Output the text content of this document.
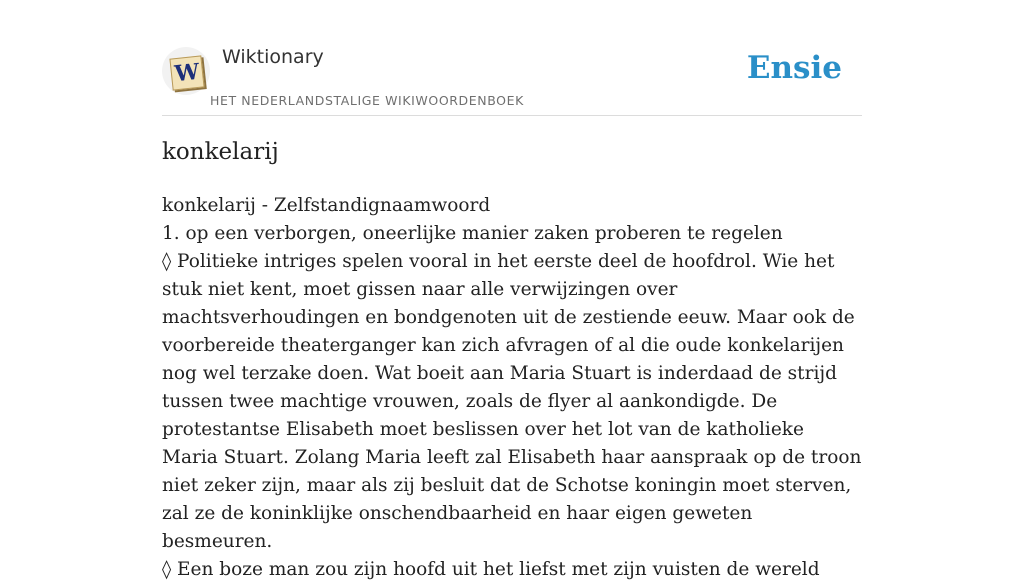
W
Wiktionary
HET NEDERLANDSTALIGE WIKIWOORDENBOEK
Ensie
konkelarij

konkelarij - Zelfstandignaamwoord

1. op een verborgen, oneerlijke manier zaken proberen te regelen

◊ Politieke intriges spelen vooral in het eerste deel de hoofdrol. Wie het stuk niet kent, moet gissen naar alle verwijzingen over machtsverhoudingen en bondgenoten uit de zestiende eeuw. Maar ook de voorbereide theaterganger kan zich afvragen of al die oude konkelarijen nog wel terzake doen. Wat boeit aan Maria Stuart is inderdaad de strijd tussen twee machtige vrouwen, zoals de flyer al aankondigde. De protestantse Elisabeth moet beslissen over het lot van de katholieke Maria Stuart. Zolang Maria leeft zal Elisabeth haar aanspraak op de troon niet zeker zijn, maar als zij besluit dat de Schotse koningin moet sterven, zal ze de koninklijke onschendbaarheid en haar eigen geweten besmeuren.

◊ Een boze man zou zijn hoofd uit het liefst met zijn vuisten de wereld
